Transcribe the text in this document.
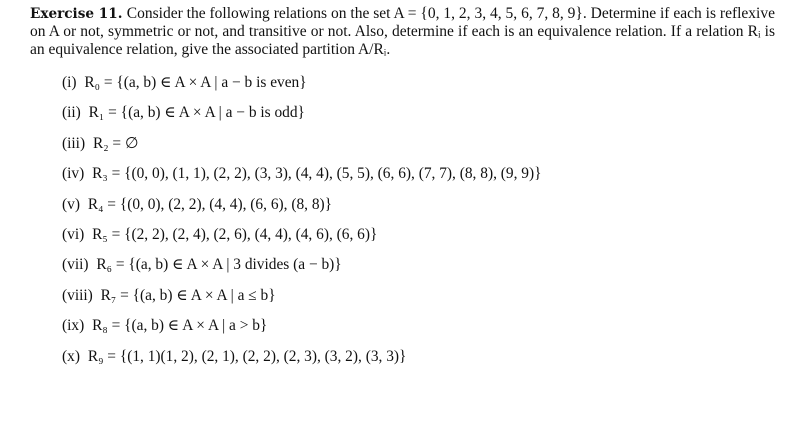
Exercise 11. Consider the following relations on the set A = {0, 1, 2, 3, 4, 5, 6, 7, 8, 9}. Determine if each is reflexive on A or not, symmetric or not, and transitive or not. Also, determine if each is an equivalence relation. If a relation Rᵢ is an equivalence relation, give the associated partition A/Rᵢ.

(i) R₀ = {(a, b) ∈ A × A | a − b is even}
(ii) R₁ = {(a, b) ∈ A × A | a − b is odd}
(iii) R₂ = ∅
(iv) R₃ = {(0, 0), (1, 1), (2, 2), (3, 3), (4, 4), (5, 5), (6, 6), (7, 7), (8, 8), (9, 9)}
(v) R₄ = {(0, 0), (2, 2), (4, 4), (6, 6), (8, 8)}
(vi) R₅ = {(2, 2), (2, 4), (2, 6), (4, 4), (4, 6), (6, 6)}
(vii) R₆ = {(a, b) ∈ A × A | 3 divides (a − b)}
(viii) R₇ = {(a, b) ∈ A × A | a ≤ b}
(ix) R₈ = {(a, b) ∈ A × A | a > b}
(x) R₉ = {(1, 1)(1, 2), (2, 1), (2, 2), (2, 3), (3, 2), (3, 3)}
